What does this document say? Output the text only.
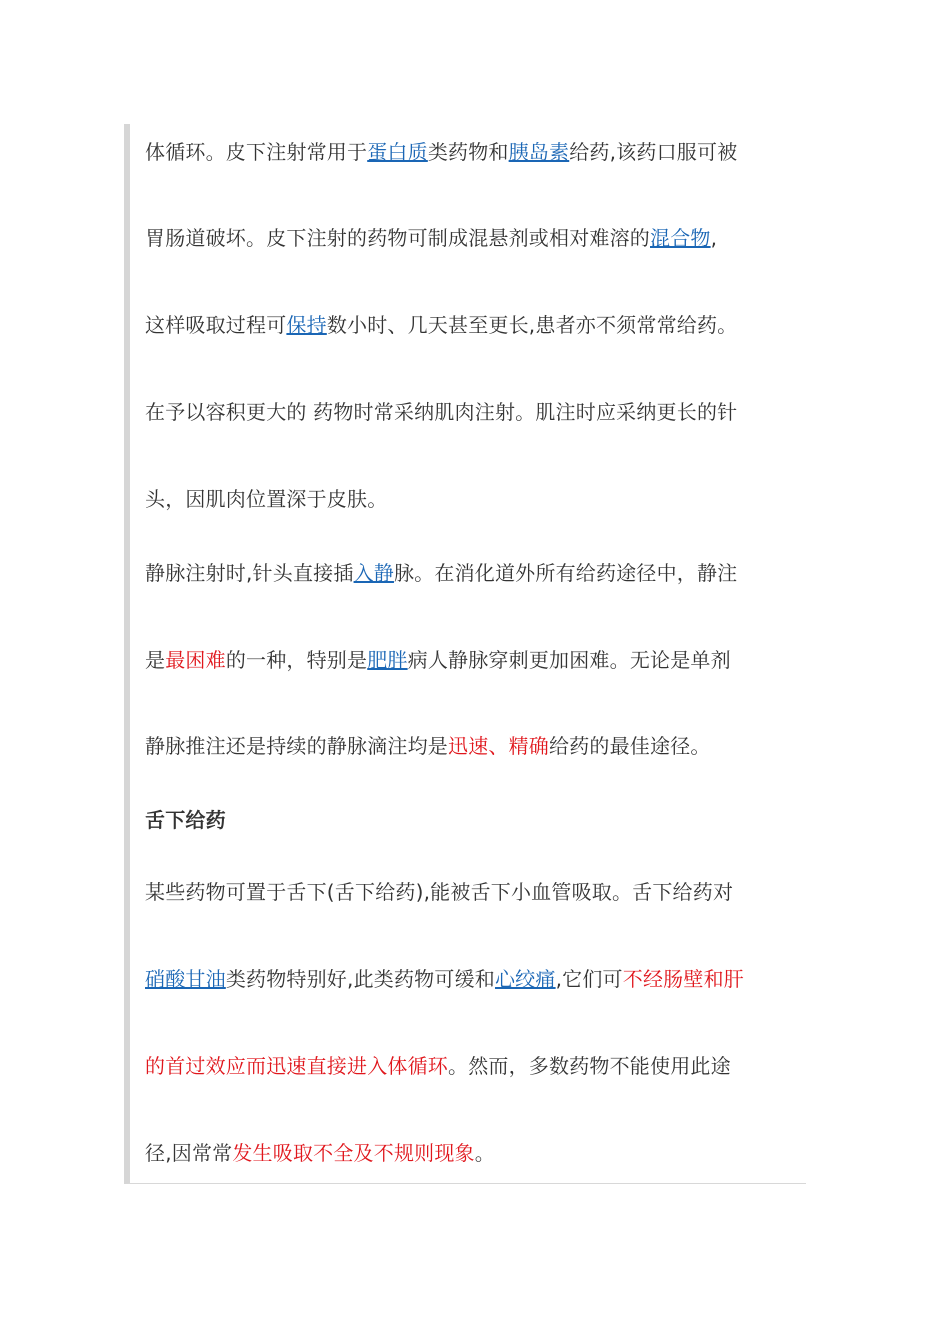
体循环。皮下注射常用于蛋白质类药物和胰岛素给药,该药口服可被
胃肠道破坏。皮下注射的药物可制成混悬剂或相对难溶的混合物,
这样吸取过程可保持数小时、几天甚至更长,患者亦不须常常给药。
在予以容积更大的 药物时常采纳肌肉注射。肌注时应采纳更长的针
头，因肌肉位置深于皮肤。
静脉注射时,针头直接插入静脉。在消化道外所有给药途径中，静注
是最困难的一种，特别是肥胖病人静脉穿刺更加困难。无论是单剂
静脉推注还是持续的静脉滴注均是迅速、精确给药的最佳途径。
舌下给药
某些药物可置于舌下(舌下给药),能被舌下小血管吸取。舌下给药对
硝酸甘油类药物特别好,此类药物可缓和心绞痛,它们可不经肠壁和肝
的首过效应而迅速直接进入体循环。然而，多数药物不能使用此途
径,因常常发生吸取不全及不规则现象。
